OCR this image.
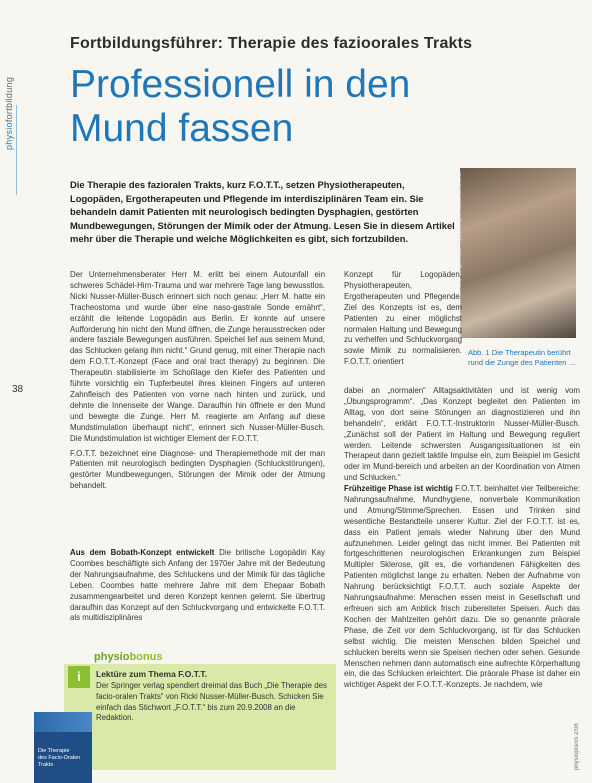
physiofortbildung
38
Fortbildungsführer: Therapie des fazioorales Trakts
Professionell in den Mund fassen
Die Therapie des fazioralen Trakts, kurz F.O.T.T., setzen Physiotherapeuten, Logopäden, Ergotherapeuten und Pflegende im interdisziplinären Team ein. Sie behandeln damit Patienten mit neurologisch bedingten Dysphagien, gestörten Mundbewegungen, Störungen der Mimik oder der Atmung. Lesen Sie in diesem Artikel mehr über die Therapie und welche Möglichkeiten es gibt, sich fortzubilden.	Abb. 1: Sabine Müller, Ausbildungsinstitut Physiotherapie, Zustandsmenü.de
Abb. 1 Die Therapeutin berührt rund die Zunge des Patienten …

Der Unternehmensberater Herr M. erlitt bei einem Autounfall ein schweres Schädel-Hirn-Trauma und war mehrere Tage lang bewusstlos. Nicki Nusser-Müller-Busch erinnert sich noch genau: „Herr M. hatte ein Tracheostoma und wurde über eine naso-gastrale Sonde ernährt“, erzählt die leitende Logopädin aus Berlin. Er konnte auf unsere Aufforderung hin nicht den Mund öffnen, die Zunge herausstrecken oder andere fasziale Bewegungen ausführen. Speichel lief aus seinem Mund, das Schlucken gelang ihm nicht.“ Grund genug, mit einer Therapie nach dem F.O.T.T.-Konzept (Face and oral tract therapy) zu beginnen. Die Therapeutin stabilisierte im Schoßlage den Kiefer des Patienten und führte vorsichtig ein Tupferbeutel ihres kleinen Fingers auf unteren Zahnfleisch des Patienten von vorne nach hinten und zurück, und dehnte die Innenseite der Wange. Daraufhin hin öffnete er den Mund und bewegte die Zunge. Herr M. reagierte am Anfang auf diese Mundstimulation überhaupt nicht“, erinnert sich Nusser-Müller-Busch. Die Mundstimulation ist wichtiger Element der F.O.T.T.

F.O.T.T. bezeichnet eine Diagnose- und Therapiemethode mit der man Patienten mit neurologisch bedingten Dysphagien (Schluckstörungen), gestörter Mundbewegungen, Störungen der Mimik oder der Atmung behandelt.

Aus dem Bobath-Konzept entwickelt Die britische Logopädin Kay Coombes beschäftigte sich Anfang der 1970er Jahre mit der Bedeutung der Nahrungsaufnahme, des Schluckens und der Mimik für das tägliche Leben. Coombes hatte mehrere Jahre mit dem Ehepaar Bobath zusammengearbeitet und deren Konzept kennen gelernt. Sie übertrug daraufhin das Konzept auf den Schluckvorgang und entwickelte F.O.T.T. als multidisziplinäres

Konzept für Logopäden, Physiotherapeuten, Ergotherapeuten und Pflegende. Ziel des Konzepts ist es, dem Patienten zu einer möglichst normalen Haltung und Bewegung zu verhelfen und Schluckvorgang sowie Mimik zu normalisieren. F.O.T.T. orientiert

dabei an „normalen“ Alltagsaktivitäten und ist wenig vom „Übungsprogramm“. „Das Konzept begleitet den Patienten im Alltag, von dort seine Störungen an diagnostizieren und ihn behandeln“, erklärt F.O.T.T.-Instruktorin Nusser-Müller-Busch. „Zunächst soll der Patient im Haltung und Bewegung reguliert werden. Leitende schwersten Ausgangssituationen ist ein Therapeut dann gezielt taktile Impulse ein, zum Beispiel im Gesicht oder im Mund-bereich und arbeiten an der Koordination von Atmen und Schlucken.“

Frühzeitige Phase ist wichtig F.O.T.T. beinhaltet vier Teilbereiche: Nahrungsaufnahme, Mundhygiene, nonverbale Kommunikation und Atmung/Stimme/Sprechen. Essen und Trinken sind wesentliche Bestandteile unserer Kultur. Ziel der F.O.T.T. ist es, dass ein Patient jemals wieder Nahrung über den Mund aufzunehmen. Leider gelingt das nicht immer. Bei Patienten mit fortgeschrittenen neurologischen Erkrankungen zum Beispiel Multipler Sklerose, gilt es, die vorhandenen Fähigkeiten des Patienten möglichst lange zu erhalten. Neben der Aufnahme von Nahrung berücksichtigt F.O.T.T. auch soziale Aspekte der Nahrungsaufnahme: Menschen essen meist in Gesellschaft und erfreuen sich am Anblick frisch zubereiteter Speisen. Auch das Kochen der Mahlzeiten gehört dazu. Die so genannte präorale Phase, die Zeit vor dem Schluckvorgang, ist für das Schlucken selbst wichtig. Die meisten Menschen bilden Speichel und schlucken bereits wenn sie Speisen riechen oder sehen. Gesunde Menschen nehmen dann automatisch eine aufrechte Körperhaltung ein, die das Schlucken erleichtert. Die präorale Phase ist daher ein wichtiger Aspekt der F.O.T.T.-Konzepts. Je nachdem, wie

physiobonus
i	Lektüre zum Thema F.O.T.T.
Der Springer verlag spendiert dreimal das Buch „Die Therapie des facio-oralen Trakts“ von Ricki Nusser-Müller-Busch. Schicken Sie einfach das Stichwort „F.O.T.T.“ bis zum 20.9.2008 an die Redaktion.
Die Therapie
des Facio-Oralen
Trakts	physiopraxis 2/08
